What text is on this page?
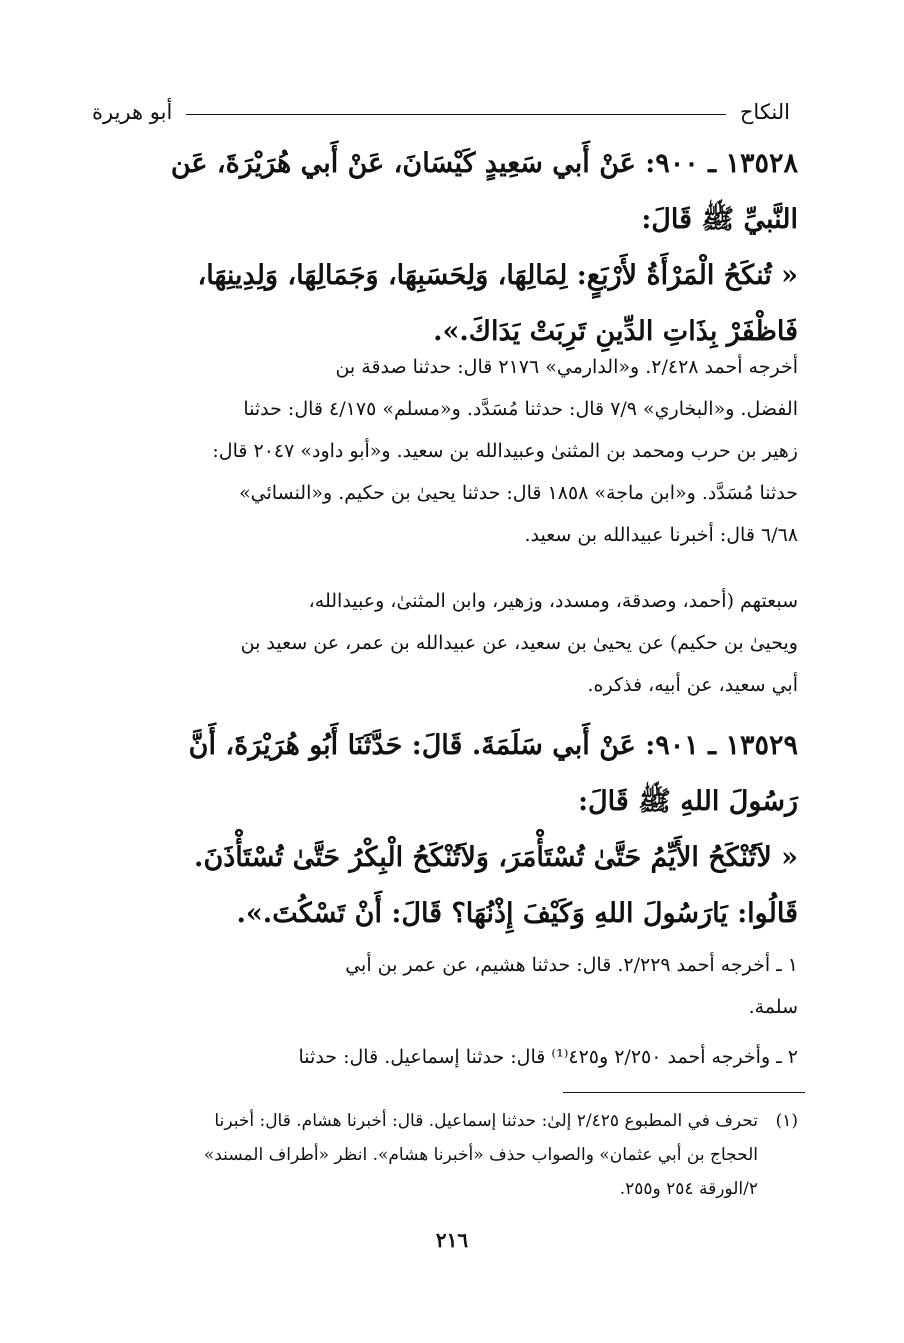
النكاح
أبو هريرة
١٣٥٢٨ ـ ٩٠٠: عَنْ أَبي سَعِيدٍ كَيْسَانَ، عَنْ أَبي هُرَيْرَةَ، عَن
النَّبيِّ ﷺ قَالَ:
« تُنكَحُ الْمَرْأَةُ لأَرْبَعٍ: لِمَالِهَا، وَلِحَسَبِهَا، وَجَمَالِهَا، وَلِدِينِهَا،
فَاظْفَرْ بِذَاتِ الدِّينِ تَرِبَتْ يَدَاكَ.».
أخرجه أحمد ٢/٤٢٨. و«الدارمي» ٢١٧٦ قال: حدثنا صدقة بن
الفضل. و«البخاري» ٧/٩ قال: حدثنا مُسَدَّد. و«مسلم» ٤/١٧٥ قال: حدثنا
زهير بن حرب ومحمد بن المثنىٰ وعبيدالله بن سعيد. و«أبو داود» ٢٠٤٧ قال:
حدثنا مُسَدَّد. و«ابن ماجة» ١٨٥٨ قال: حدثنا يحيىٰ بن حكيم. و«النسائي»
٦/٦٨ قال: أخبرنا عبيدالله بن سعيد.
سبعتهم (أحمد، وصدقة، ومسدد، وزهير، وابن المثنىٰ، وعبيدالله،
ويحيىٰ بن حكيم) عن يحيىٰ بن سعيد، عن عبيدالله بن عمر، عن سعيد بن
أبي سعيد، عن أبيه، فذكره.
١٣٥٢٩ ـ ٩٠١: عَنْ أَبي سَلَمَةَ. قَالَ: حَدَّثَنَا أَبُو هُرَيْرَةَ، أَنَّ
رَسُولَ اللهِ ﷺ قَالَ:
« لاَتُنْكَحُ الأَيِّمُ حَتَّىٰ تُسْتَأْمَرَ، وَلاَتُنْكَحُ الْبِكْرُ حَتَّىٰ تُسْتَأْذَنَ.
قَالُوا: يَارَسُولَ اللهِ وَكَيْفَ إِذْنُهَا؟ قَالَ: أَنْ تَسْكُتَ.».
١ ـ أخرجه أحمد ٢/٢٢٩. قال: حدثنا هشيم، عن عمر بن أبي
سلمة.
٢ ـ وأخرجه أحمد ٢/٢٥٠ و٤٢٥⁽¹⁾ قال: حدثنا إسماعيل. قال: حدثنا
(١)
تحرف في المطبوع ٢/٤٢٥ إلىٰ: حدثنا إسماعيل. قال: أخبرنا هشام. قال: أخبرنا
الحجاج بن أبي عثمان» والصواب حذف «أخبرنا هشام». انظر «أطراف المسند»
٢/الورقة ٢٥٤ و٢٥٥.
٢١٦
